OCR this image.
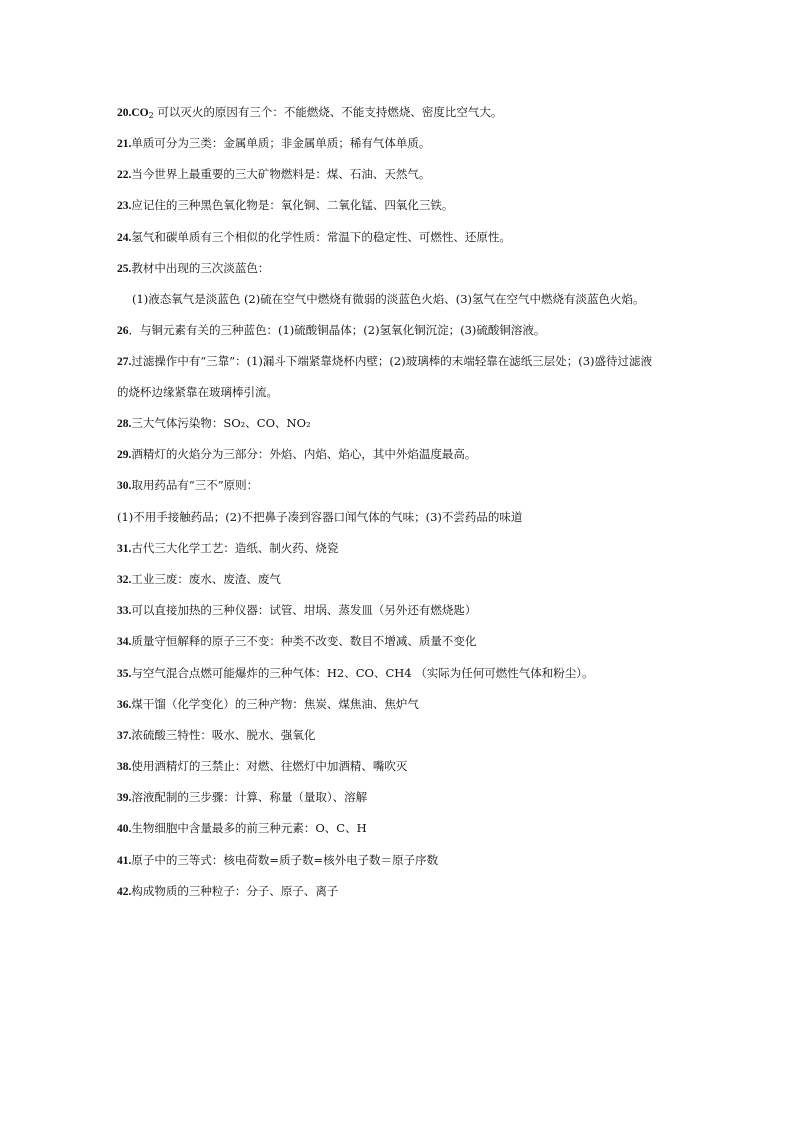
$20.CO_2$ 可以灭火的原因有三个：不能燃烧、不能支持燃烧、密度比空气大。
21.单质可分为三类：金属单质；非金属单质；稀有气体单质。
22.当今世界上最重要的三大矿物燃料是：煤、石油、天然气。
23.应记住的三种黑色氧化物是：氧化铜、二氧化锰、四氧化三铁。
24.氢气和碳单质有三个相似的化学性质：常温下的稳定性、可燃性、还原性。
25.教材中出现的三次淡蓝色：
(1)液态氧气是淡蓝色 (2)硫在空气中燃烧有微弱的淡蓝色火焰、(3)氢气在空气中燃烧有淡蓝色火焰。
26．与铜元素有关的三种蓝色：(1)硫酸铜晶体；(2)氢氧化铜沉淀；(3)硫酸铜溶液。
27.过滤操作中有“三靠”：(1)漏斗下端紧靠烧杯内壁；(2)玻璃棒的末端轻靠在滤纸三层处；(3)盛待过滤液
的烧杯边缘紧靠在玻璃棒引流。
28.三大气体污染物：SO₂、CO、NO₂
29.酒精灯的火焰分为三部分：外焰、内焰、焰心，其中外焰温度最高。
30.取用药品有“三不”原则：
(1)不用手接触药品；(2)不把鼻子凑到容器口闻气体的气味；(3)不尝药品的味道
31.古代三大化学工艺：造纸、制火药、烧瓷
32.工业三废：废水、废渣、废气
33.可以直接加热的三种仪器：试管、坩埚、蒸发皿（另外还有燃烧匙）
34.质量守恒解释的原子三不变：种类不改变、数目不增减、质量不变化
35.与空气混合点燃可能爆炸的三种气体：H2、CO、CH4 （实际为任何可燃性气体和粉尘）。
36.煤干馏（化学变化）的三种产物：焦炭、煤焦油、焦炉气
37.浓硫酸三特性：吸水、脱水、强氧化
38.使用酒精灯的三禁止：对燃、往燃灯中加酒精、嘴吹灭
39.溶液配制的三步骤：计算、称量（量取）、溶解
40.生物细胞中含量最多的前三种元素：O、C、H
41.原子中的三等式：核电荷数=质子数=核外电子数＝原子序数
42.构成物质的三种粒子：分子、原子、离子
